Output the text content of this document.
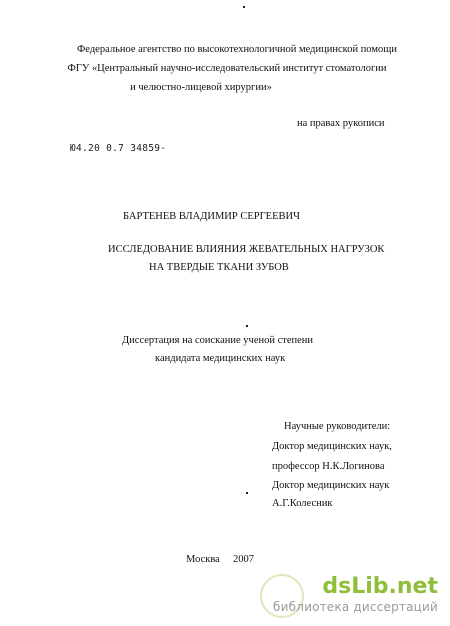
Федеральное агентство по высокотехнологичной медицинской помощи
ФГУ «Центральный научно-исследовательский институт стоматологии
и челюстно-лицевой хирургии»
на правах рукописи
Ю4.20 0.7 34859-
БАРТЕНЕВ ВЛАДИМИР СЕРГЕЕВИЧ
ИССЛЕДОВАНИЕ ВЛИЯНИЯ ЖЕВАТЕЛЬНЫХ НАГРУЗОК
НА ТВЕРДЫЕ ТКАНИ ЗУБОВ
Диссертация на соискание ученой степени
кандидата медицинских наук
Научные руководители:
Доктор медицинских наук,
профессор Н.К.Логинова
Доктор медицинских наук
А.Г.Колесник
Москва 2007
dsLib.net
библиотека диссертаций
